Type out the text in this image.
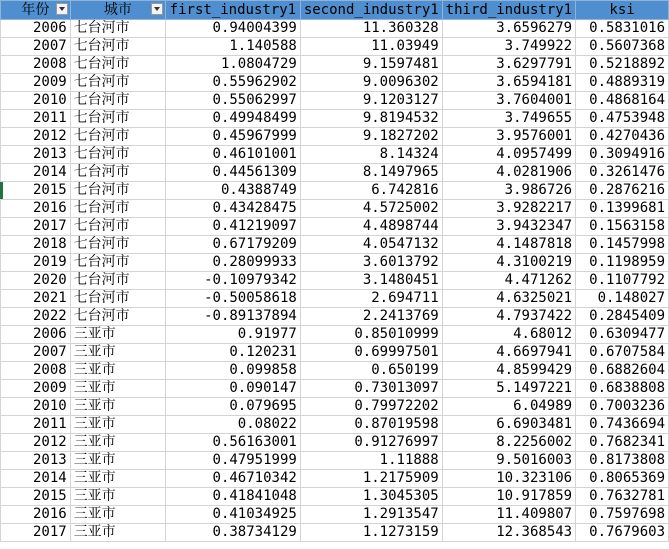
年份	城市	first_industry1	second_industry1	third_industry1	ksi

2006	七台河市	0.94004399	11.360328	3.6596279	0.5831016
2007	七台河市	1.140588	11.03949	3.749922	0.5607368
2008	七台河市	1.0804729	9.1597481	3.6297791	0.5218892
2009	七台河市	0.55962902	9.0096302	3.6594181	0.4889319
2010	七台河市	0.55062997	9.1203127	3.7604001	0.4868164
2011	七台河市	0.49948499	9.8194532	3.749655	0.4753948
2012	七台河市	0.45967999	9.1827202	3.9576001	0.4270436
2013	七台河市	0.46101001	8.14324	4.0957499	0.3094916
2014	七台河市	0.44561309	8.1497965	4.0281906	0.3261476
2015	七台河市	0.4388749	6.742816	3.986726	0.2876216
2016	七台河市	0.43428475	4.5725002	3.9282217	0.1399681
2017	七台河市	0.41219097	4.4898744	3.9432347	0.1563158
2018	七台河市	0.67179209	4.0547132	4.1487818	0.1457998
2019	七台河市	0.28099933	3.6013792	4.3100219	0.1198959
2020	七台河市	-0.10979342	3.1480451	4.471262	0.1107792
2021	七台河市	-0.50058618	2.694711	4.6325021	0.148027
2022	七台河市	-0.89137894	2.2413769	4.7937422	0.2845409
2006	三亚市	0.91977	0.85010999	4.68012	0.6309477
2007	三亚市	0.120231	0.69997501	4.6697941	0.6707584
2008	三亚市	0.099858	0.650199	4.8599429	0.6882604
2009	三亚市	0.090147	0.73013097	5.1497221	0.6838808
2010	三亚市	0.079695	0.79972202	6.04989	0.7003236
2011	三亚市	0.08022	0.87019598	6.6903481	0.7436694
2012	三亚市	0.56163001	0.91276997	8.2256002	0.7682341
2013	三亚市	0.47951999	1.11888	9.5016003	0.8173808
2014	三亚市	0.46710342	1.2175909	10.323106	0.8065369
2015	三亚市	0.41841048	1.3045305	10.917859	0.7632781
2016	三亚市	0.41034925	1.2913547	11.409807	0.7597698
2017	三亚市	0.38734129	1.1273159	12.368543	0.7679603
